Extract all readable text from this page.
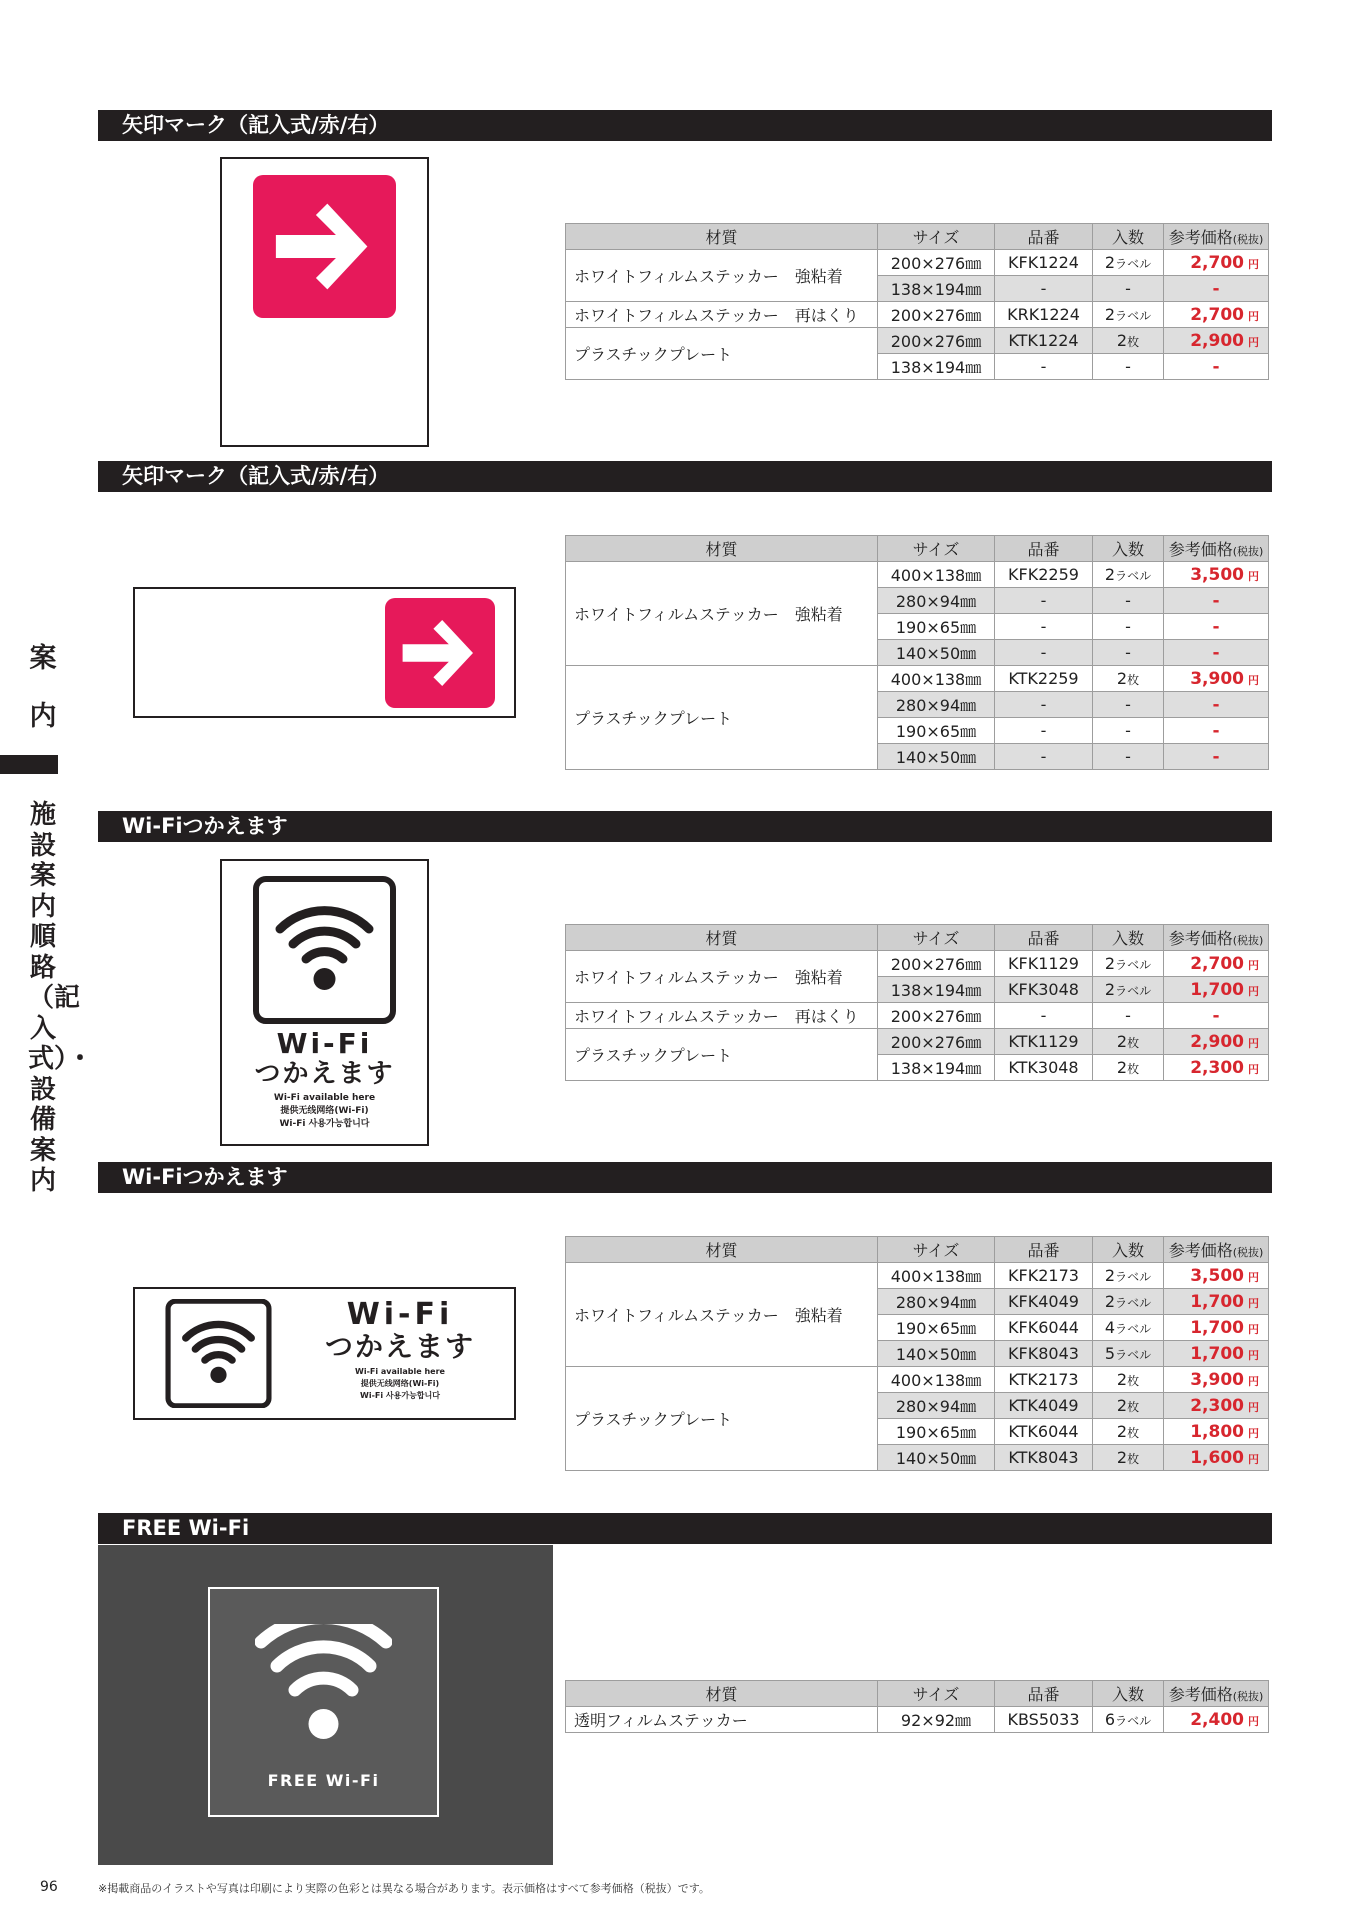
案内
施設案内　順路（記入式）・設備案内
矢印マーク（記入式/赤/右）
材質	サイズ	品番	入数	参考価格(税抜)
ホワイトフィルムステッカー　強粘着	200×276㎜	KFK1224	2ラベル	2,700 円
	138×194㎜	-	-	-
ホワイトフィルムステッカー　再はくり	200×276㎜	KRK1224	2ラベル	2,700 円
プラスチックプレート	200×276㎜	KTK1224	2枚	2,900 円
	138×194㎜	-	-	-
矢印マーク（記入式/赤/右）
材質	サイズ	品番	入数	参考価格(税抜)
ホワイトフィルムステッカー　強粘着	400×138㎜	KFK2259	2ラベル	3,500 円
	280×94㎜	-	-	-
	190×65㎜	-	-	-
	140×50㎜	-	-	-
プラスチックプレート	400×138㎜	KTK2259	2枚	3,900 円
	280×94㎜	-	-	-
	190×65㎜	-	-	-
	140×50㎜	-	-	-
Wi-Fiつかえます
Wi-Fi
つかえます
Wi-Fi available here
提供无线网络(Wi-Fi)
Wi-Fi 사용가능합니다
材質	サイズ	品番	入数	参考価格(税抜)
ホワイトフィルムステッカー　強粘着	200×276㎜	KFK1129	2ラベル	2,700 円
	138×194㎜	KFK3048	2ラベル	1,700 円
ホワイトフィルムステッカー　再はくり	200×276㎜	-	-	-
プラスチックプレート	200×276㎜	KTK1129	2枚	2,900 円
	138×194㎜	KTK3048	2枚	2,300 円
Wi-Fiつかえます
Wi-Fi
つかえます
Wi-Fi available here
提供无线网络(Wi-Fi)
Wi-Fi 사용가능합니다
材質	サイズ	品番	入数	参考価格(税抜)
ホワイトフィルムステッカー　強粘着	400×138㎜	KFK2173	2ラベル	3,500 円
	280×94㎜	KFK4049	2ラベル	1,700 円
	190×65㎜	KFK6044	4ラベル	1,700 円
	140×50㎜	KFK8043	5ラベル	1,700 円
プラスチックプレート	400×138㎜	KTK2173	2枚	3,900 円
	280×94㎜	KTK4049	2枚	2,300 円
	190×65㎜	KTK6044	2枚	1,800 円
	140×50㎜	KTK8043	2枚	1,600 円
FREE Wi-Fi
FREE Wi-Fi
材質	サイズ	品番	入数	参考価格(税抜)
透明フィルムステッカー	92×92㎜	KBS5033	6ラベル	2,400 円
96	※掲載商品のイラストや写真は印刷により実際の色彩とは異なる場合があります。表示価格はすべて参考価格（税抜）です。
